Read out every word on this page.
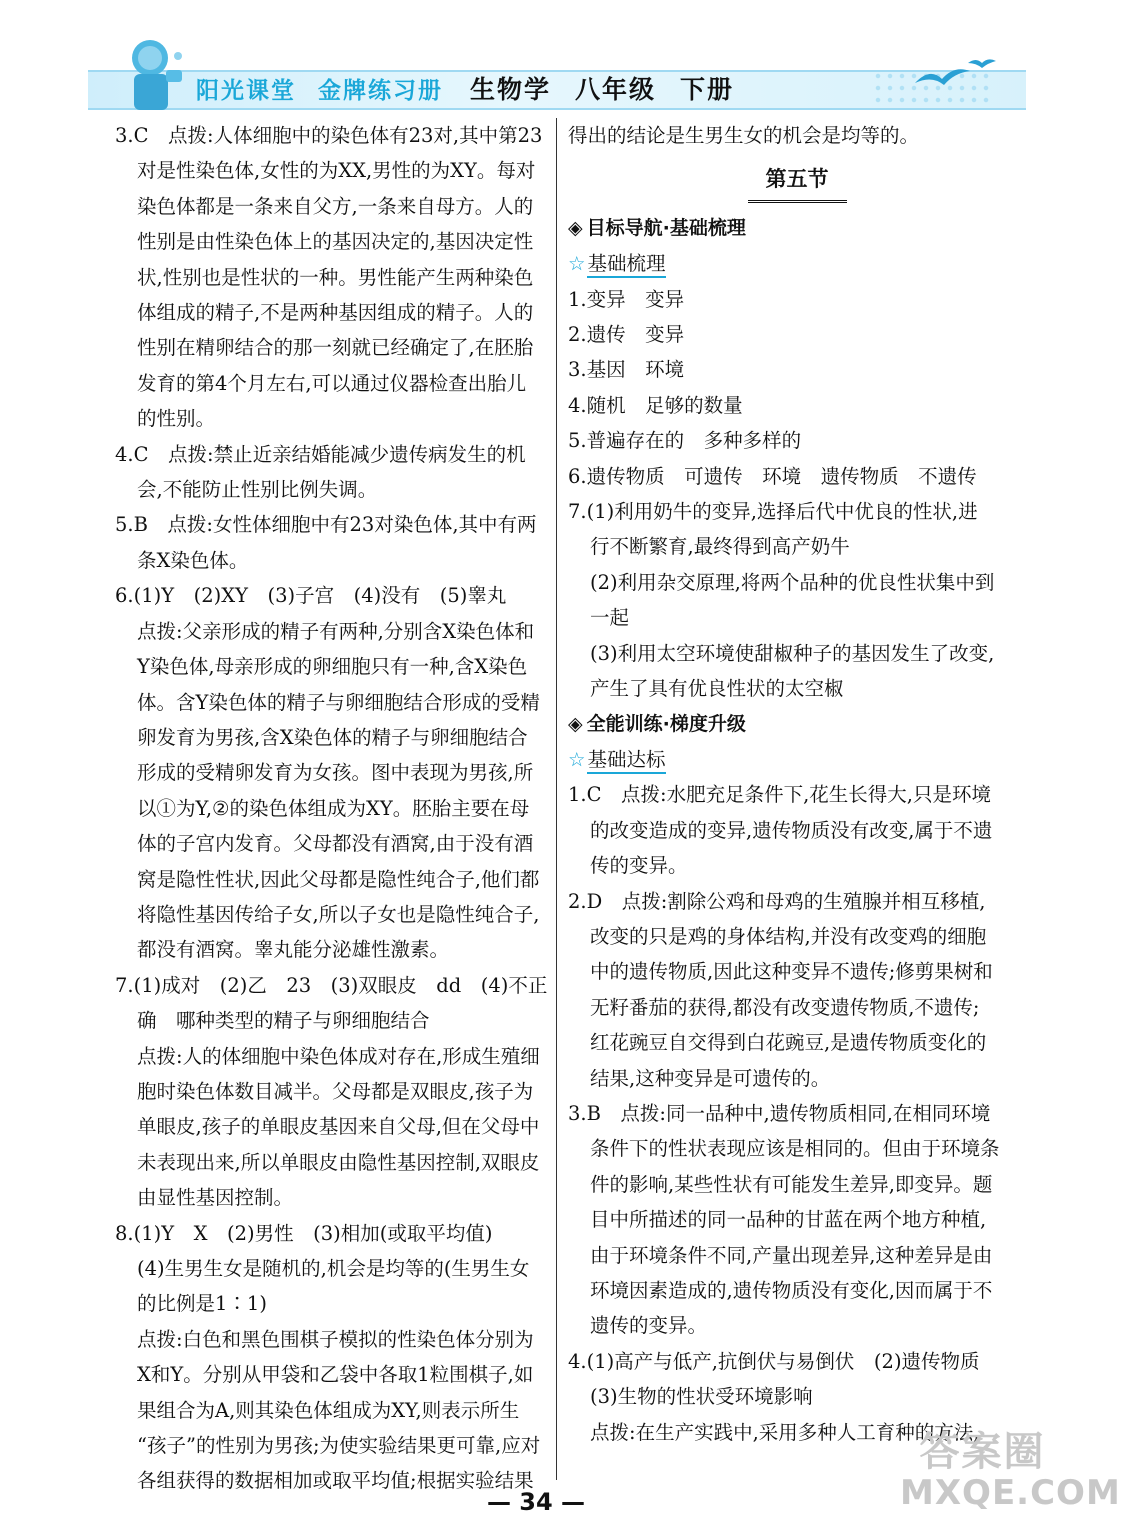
阳光课堂 金牌练习册 生物学 八年级 下册
3.C　点拨:人体细胞中的染色体有23对,其中第23
对是性染色体,女性的为XX,男性的为XY。每对
染色体都是一条来自父方,一条来自母方。人的
性别是由性染色体上的基因决定的,基因决定性
状,性别也是性状的一种。男性能产生两种染色
体组成的精子,不是两种基因组成的精子。人的
性别在精卵结合的那一刻就已经确定了,在胚胎
发育的第4个月左右,可以通过仪器检查出胎儿
的性别。
4.C　点拨:禁止近亲结婚能减少遗传病发生的机
会,不能防止性别比例失调。
5.B　点拨:女性体细胞中有23对染色体,其中有两
条X染色体。
6.(1)Y　(2)XY　(3)子宫　(4)没有　(5)睾丸
点拨:父亲形成的精子有两种,分别含X染色体和
Y染色体,母亲形成的卵细胞只有一种,含X染色
体。含Y染色体的精子与卵细胞结合形成的受精
卵发育为男孩,含X染色体的精子与卵细胞结合
形成的受精卵发育为女孩。图中表现为男孩,所
以①为Y,②的染色体组成为XY。胚胎主要在母
体的子宫内发育。父母都没有酒窝,由于没有酒
窝是隐性性状,因此父母都是隐性纯合子,他们都
将隐性基因传给子女,所以子女也是隐性纯合子,
都没有酒窝。睾丸能分泌雄性激素。
7.(1)成对　(2)乙　23　(3)双眼皮　dd　(4)不正
确　哪种类型的精子与卵细胞结合
点拨:人的体细胞中染色体成对存在,形成生殖细
胞时染色体数目减半。父母都是双眼皮,孩子为
单眼皮,孩子的单眼皮基因来自父母,但在父母中
未表现出来,所以单眼皮由隐性基因控制,双眼皮
由显性基因控制。
8.(1)Y　X　(2)男性　(3)相加(或取平均值)
(4)生男生女是随机的,机会是均等的(生男生女
的比例是1∶1)
点拨:白色和黑色围棋子模拟的性染色体分别为
X和Y。分别从甲袋和乙袋中各取1粒围棋子,如
果组合为A,则其染色体组成为XY,则表示所生
“孩子”的性别为男孩;为使实验结果更可靠,应对
各组获得的数据相加或取平均值;根据实验结果
得出的结论是生男生女的机会是均等的。
第五节
◈ 目标导航·基础梳理
☆ 基础梳理
1.变异　变异
2.遗传　变异
3.基因　环境
4.随机　足够的数量
5.普遍存在的　多种多样的
6.遗传物质　可遗传　环境　遗传物质　不遗传
7.(1)利用奶牛的变异,选择后代中优良的性状,进
行不断繁育,最终得到高产奶牛
(2)利用杂交原理,将两个品种的优良性状集中到
一起
(3)利用太空环境使甜椒种子的基因发生了改变,
产生了具有优良性状的太空椒
◈ 全能训练·梯度升级
☆ 基础达标
1.C　点拨:水肥充足条件下,花生长得大,只是环境
的改变造成的变异,遗传物质没有改变,属于不遗
传的变异。
2.D　点拨:割除公鸡和母鸡的生殖腺并相互移植,
改变的只是鸡的身体结构,并没有改变鸡的细胞
中的遗传物质,因此这种变异不遗传;修剪果树和
无籽番茄的获得,都没有改变遗传物质,不遗传;
红花豌豆自交得到白花豌豆,是遗传物质变化的
结果,这种变异是可遗传的。
3.B　点拨:同一品种中,遗传物质相同,在相同环境
条件下的性状表现应该是相同的。但由于环境条
件的影响,某些性状有可能发生差异,即变异。题
目中所描述的同一品种的甘蓝在两个地方种植,
由于环境条件不同,产量出现差异,这种差异是由
环境因素造成的,遗传物质没有变化,因而属于不
遗传的变异。
4.(1)高产与低产,抗倒伏与易倒伏　(2)遗传物质
(3)生物的性状受环境影响
点拨:在生产实践中,采用多种人工育种的方法,
— 34 —
答案圈
MXQE.COM
